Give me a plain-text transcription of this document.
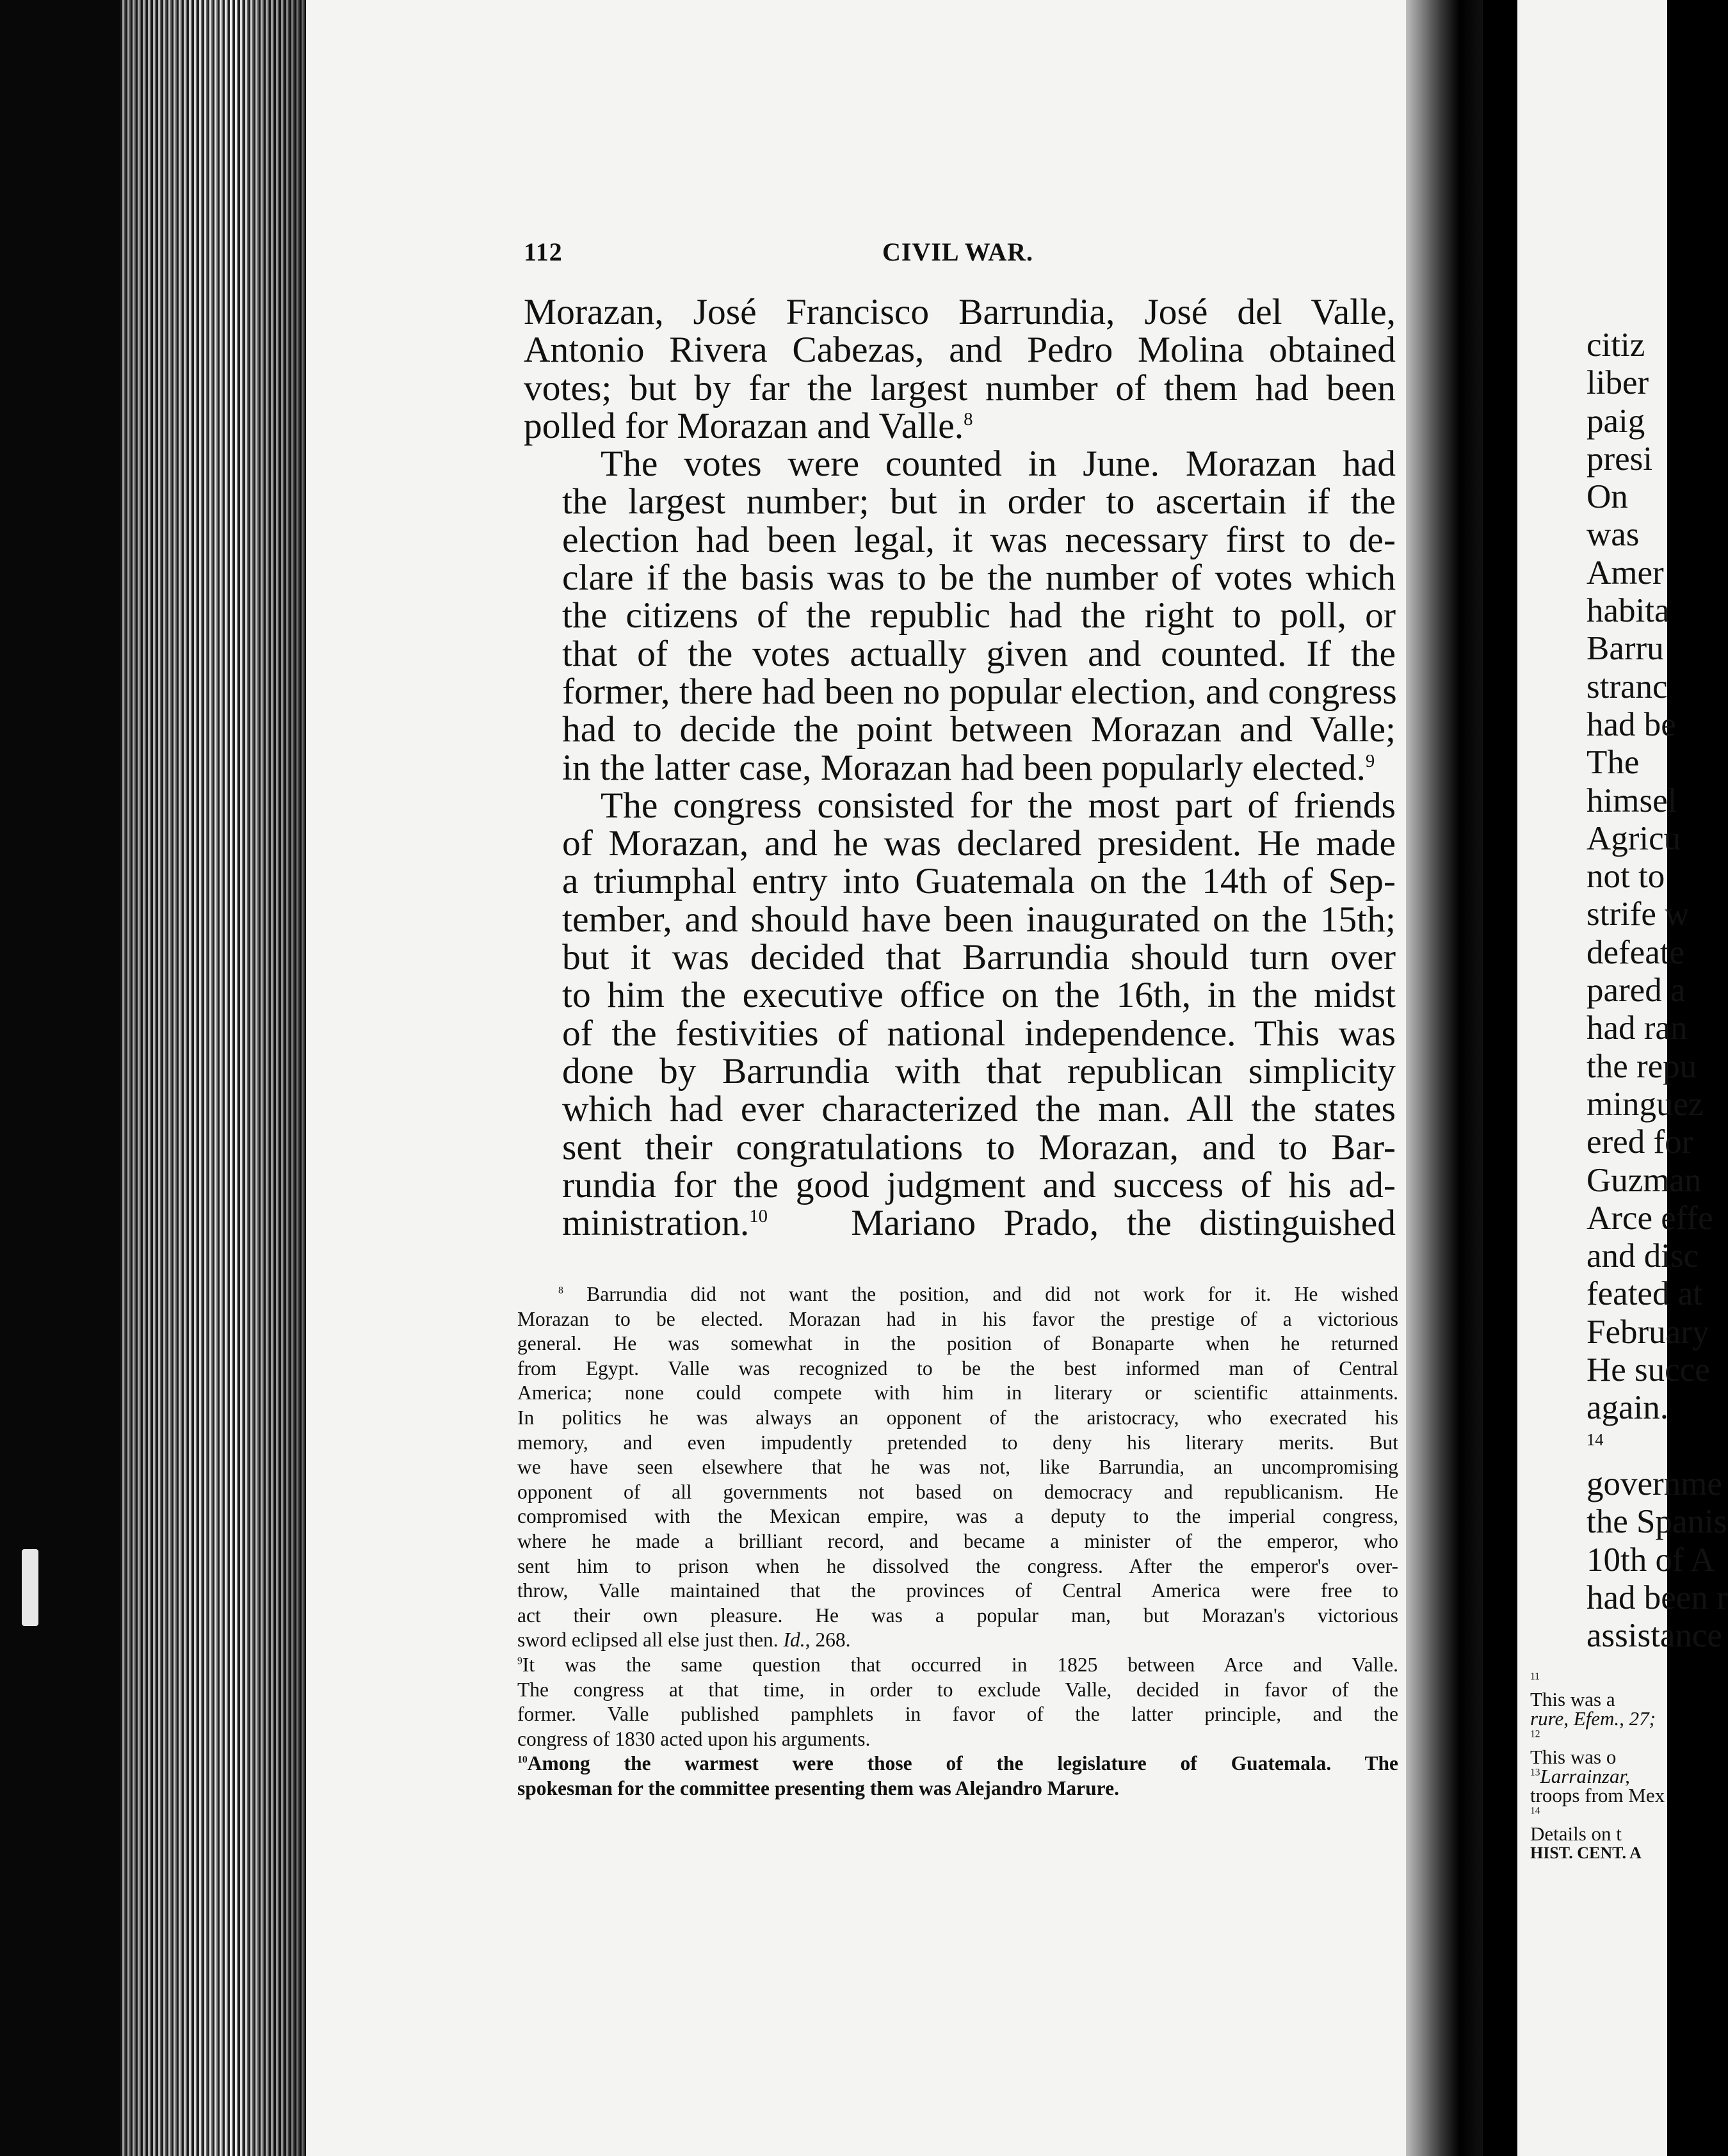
112	CIVIL WAR.

Morazan, José Francisco Barrundia, José del Valle,
Antonio Rivera Cabezas, and Pedro Molina obtained
votes; but by far the largest number of them had been
polled for Morazan and Valle.$^8$

The votes were counted in June. Morazan had
the largest number; but in order to ascertain if the
election had been legal, it was necessary first to de-
clare if the basis was to be the number of votes which
the citizens of the republic had the right to poll, or
that of the votes actually given and counted. If the
former, there had been no popular election, and congress
had to decide the point between Morazan and Valle;
in the latter case, Morazan had been popularly elected.$^9$

The congress consisted for the most part of friends
of Morazan, and he was declared president. He made
a triumphal entry into Guatemala on the 14th of Sep-
tember, and should have been inaugurated on the 15th;
but it was decided that Barrundia should turn over
to him the executive office on the 16th, in the midst
of the festivities of national independence. This was
done by Barrundia with that republican simplicity
which had ever characterized the man. All the states
sent their congratulations to Morazan, and to Bar-
rundia for the good judgment and success of his ad-
ministration.$^{10}$ Mariano Prado, the distinguished

$^8$ Barrundia did not want the position, and did not work for it. He wished
Morazan to be elected. Morazan had in his favor the prestige of a victorious
general. He was somewhat in the position of Bonaparte when he returned
from Egypt. Valle was recognized to be the best informed man of Central
America; none could compete with him in literary or scientific attainments.
In politics he was always an opponent of the aristocracy, who execrated his
memory, and even impudently pretended to deny his literary merits. But
we have seen elsewhere that he was not, like Barrundia, an uncompromising
opponent of all governments not based on democracy and republicanism. He
compromised with the Mexican empire, was a deputy to the imperial congress,
where he made a brilliant record, and became a minister of the emperor, who
sent him to prison when he dissolved the congress. After the emperor's over-
throw, Valle maintained that the provinces of Central America were free to
act their own pleasure. He was a popular man, but Morazan's victorious
sword eclipsed all else just then. Id., 268.
$^9$It was the same question that occurred in 1825 between Arce and Valle.
The congress at that time, in order to exclude Valle, decided in favor of the
former. Valle published pamphlets in favor of the latter principle, and the
congress of 1830 acted upon his arguments.
$^{10}$Among the warmest were those of the legislature of Guatemala. The
spokesman for the committee presenting them was Alejandro Marure.
citiz
liber
paig
presi
On
was
Amer
habita
Barru
stranc
had be
The
himsel
Agricu
not to
strife w
defeate
pared a
had ran
the repu
minguez
ered for
Guzman
Arce effe
and disc
feated at
February
He succe
again.
$^{14}$
governme
the Spanis
10th of A
had been r
assistance
$^{11}$
This was a
rure, Efem., 27;
$^{12}$
This was o
$^{13}$Larrainzar,
troops from Mex
$^{14}$
Details on t
HIST. CENT. A
